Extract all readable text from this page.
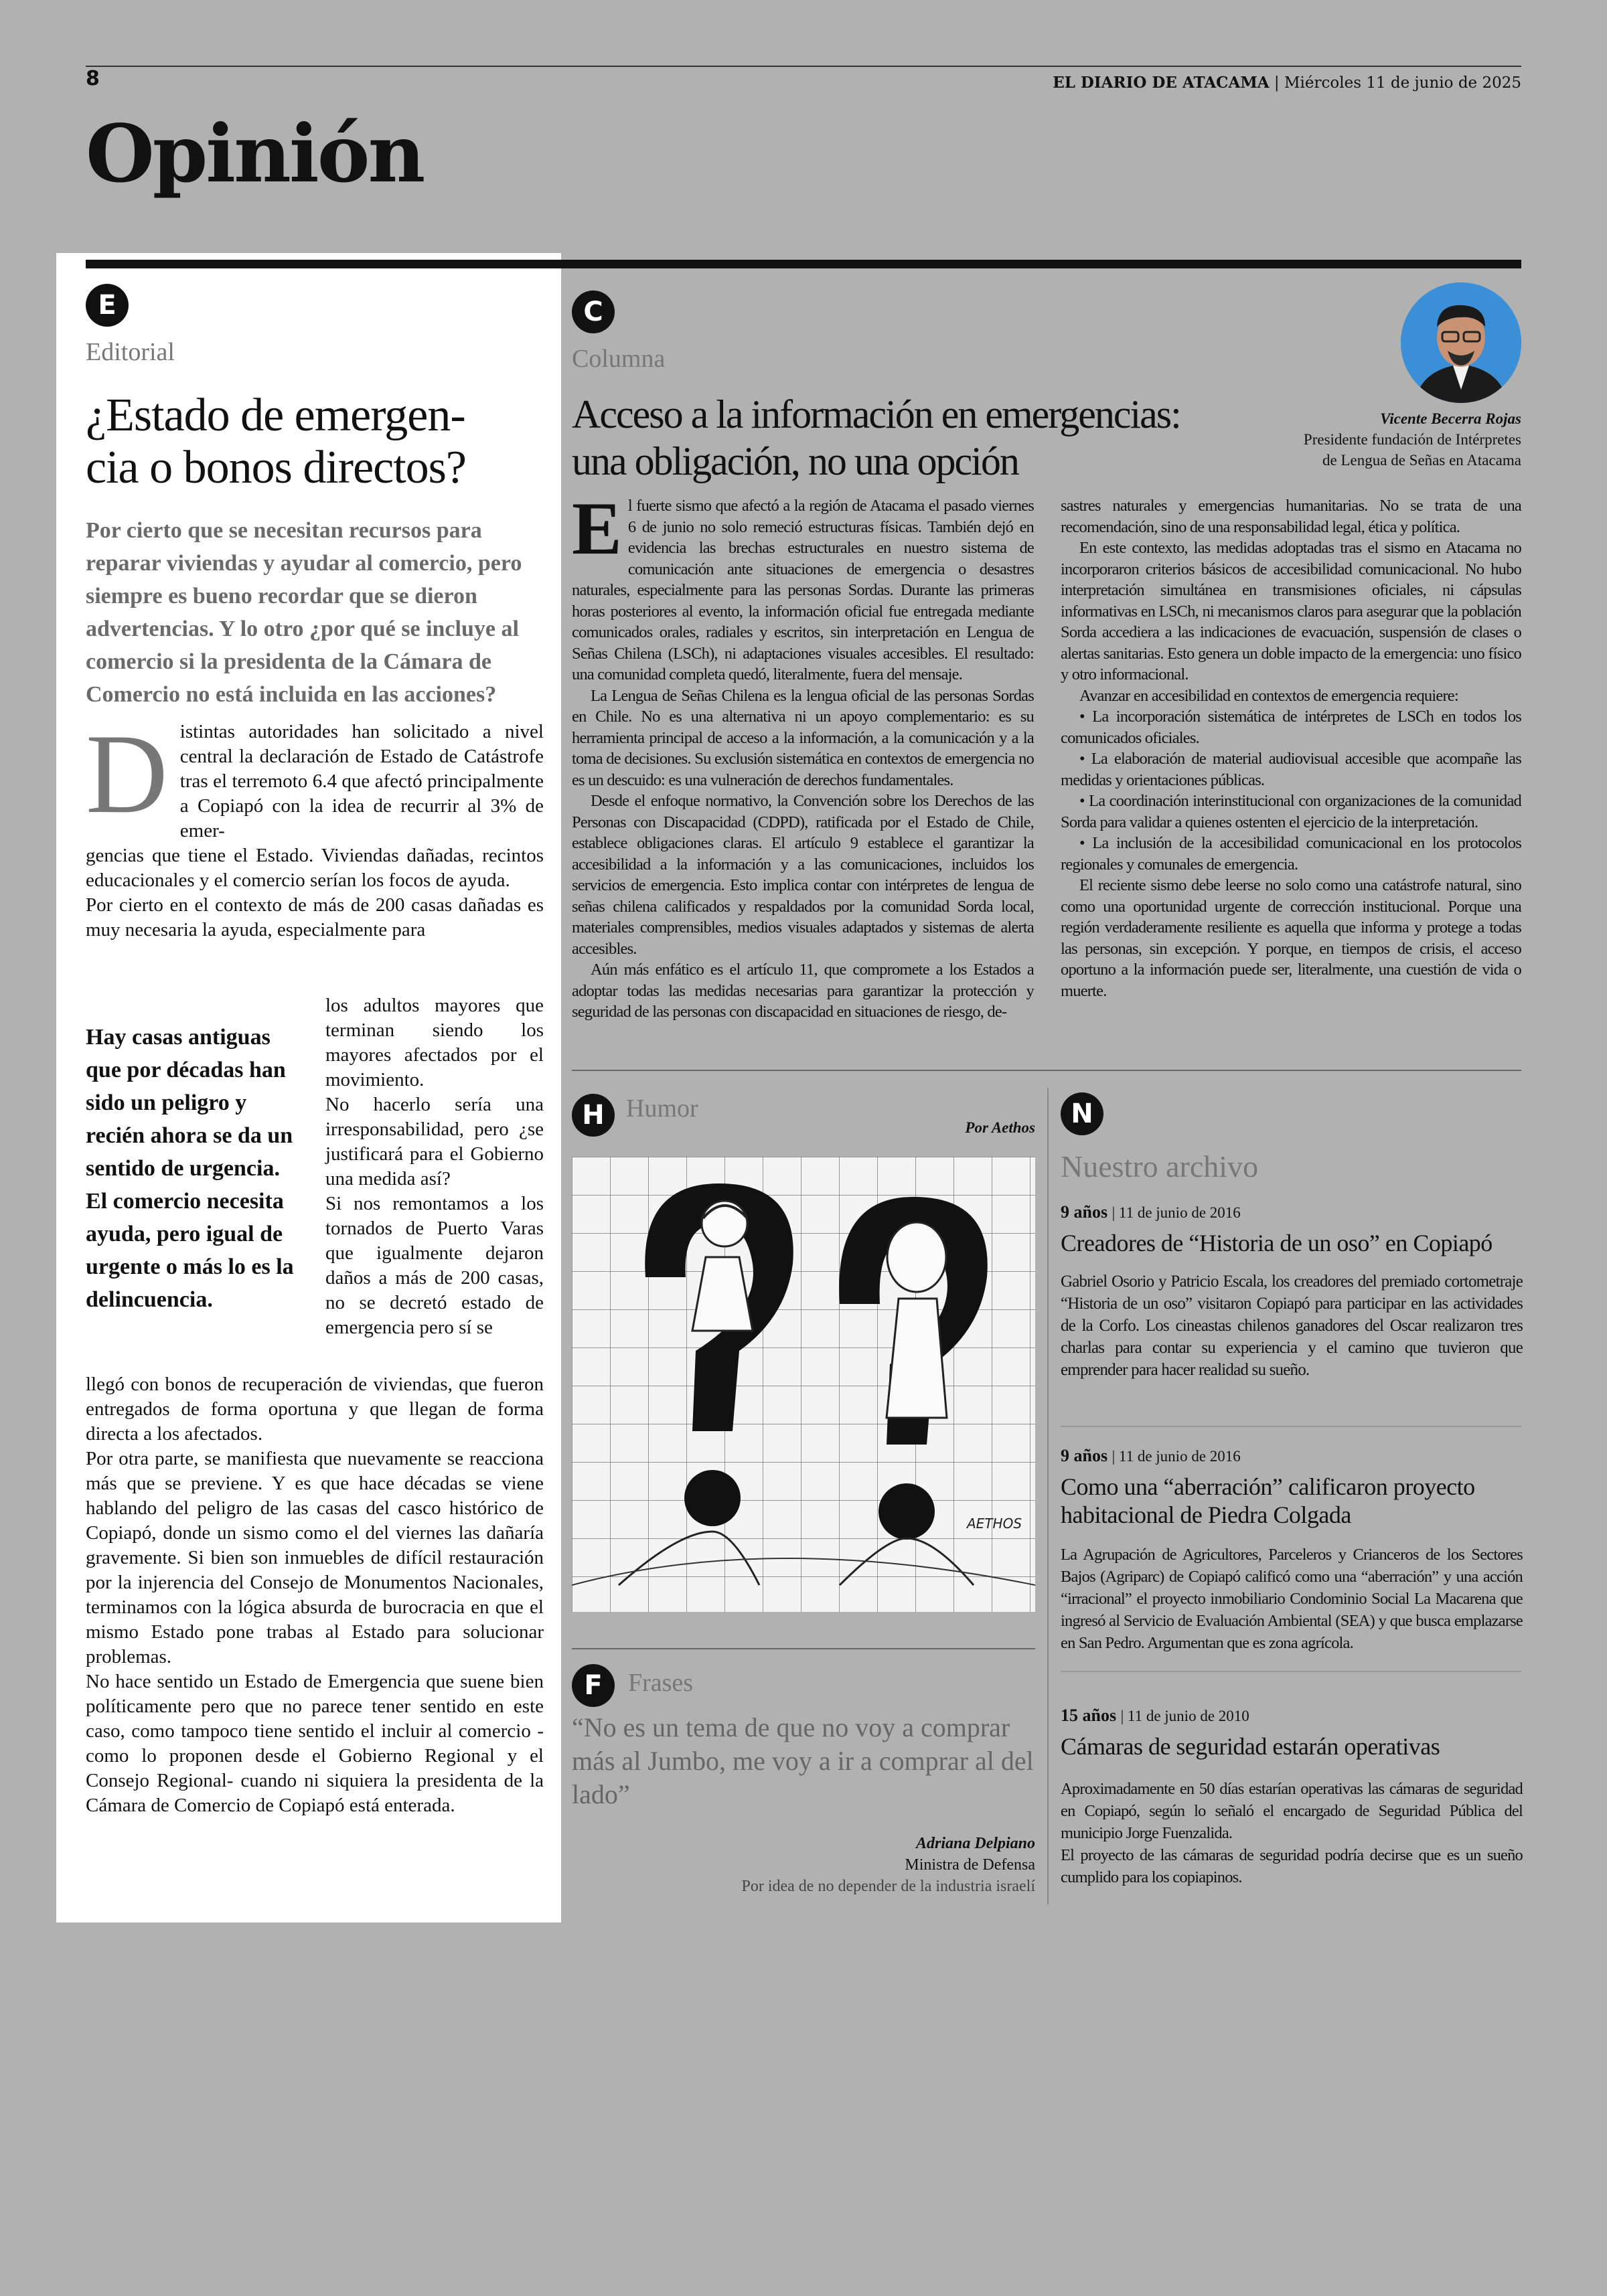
8	EL DIARIO DE ATACAMA | Miércoles 11 de junio de 2025
Opinión
E
Editorial
¿Estado de emergen-
cia o bonos directos?
Por cierto que se necesitan recursos para reparar viviendas y ayudar al comercio, pero siempre es bueno recordar que se dieron advertencias. Y lo otro ¿por qué se incluye al comercio si la presidenta de la Cámara de Comercio no está incluida en las acciones?
D istintas autoridades han solicitado a nivel central la declaración de Estado de Catástrofe tras el terremoto 6.4 que afectó principalmente a Copiapó con la idea de recurrir al 3% de emer-

gencias que tiene el Estado. Viviendas dañadas, recintos educacionales y el comercio serían los focos de ayuda.

Por cierto en el contexto de más de 200 casas dañadas es muy necesaria la ayuda, especialmente para

Hay casas antiguas que por décadas han sido un peligro y recién ahora se da un sentido de urgencia. El comercio necesita ayuda, pero igual de urgente o más lo es la delincuencia.

los adultos mayores que terminan siendo los mayores afectados por el movimiento.

No hacerlo sería una irresponsabilidad, pero ¿se justificará para el Gobierno una medida así?

Si nos remontamos a los tornados de Puerto Varas que igualmente dejaron daños a más de 200 casas, no se decretó estado de emergencia pero sí se

llegó con bonos de recuperación de viviendas, que fueron entregados de forma oportuna y que llegan de forma directa a los afectados.

Por otra parte, se manifiesta que nuevamente se reacciona más que se previene. Y es que hace décadas se viene hablando del peligro de las casas del casco histórico de Copiapó, donde un sismo como el del viernes las dañaría gravemente. Si bien son inmuebles de difícil restauración por la injerencia del Consejo de Monumentos Nacionales, terminamos con la lógica absurda de burocracia en que el mismo Estado pone trabas al Estado para solucionar problemas.

No hace sentido un Estado de Emergencia que suene bien políticamente pero que no parece tener sentido en este caso, como tampoco tiene sentido el incluir al comercio -como lo proponen desde el Gobierno Regional y el Consejo Regional- cuando ni siquiera la presidenta de la Cámara de Comercio de Copiapó está enterada.

C
Columna
Acceso a la información en emergencias:
una obligación, no una opción
Vicente Becerra Rojas
Presidente fundación de Intérpretes
de Lengua de Señas en Atacama
E l fuerte sismo que afectó a la región de Atacama el pasado viernes 6 de junio no solo remeció estructuras físicas. También dejó en evidencia las brechas estructurales en nuestro sistema de comunicación ante situaciones de emergencia o desastres naturales, especialmente para las personas Sordas. Durante las primeras horas posteriores al evento, la información oficial fue entregada mediante comunicados orales, radiales y escritos, sin interpretación en Lengua de Señas Chilena (LSCh), ni adaptaciones visuales accesibles. El resultado: una comunidad completa quedó, literalmente, fuera del mensaje.

La Lengua de Señas Chilena es la lengua oficial de las personas Sordas en Chile. No es una alternativa ni un apoyo complementario: es su herramienta principal de acceso a la información, a la comunicación y a la toma de decisiones. Su exclusión sistemática en contextos de emergencia no es un descuido: es una vulneración de derechos fundamentales.

Desde el enfoque normativo, la Convención sobre los Derechos de las Personas con Discapacidad (CDPD), ratificada por el Estado de Chile, establece obligaciones claras. El artículo 9 establece el garantizar la accesibilidad a la información y a las comunicaciones, incluidos los servicios de emergencia. Esto implica contar con intérpretes de lengua de señas chilena calificados y respaldados por la comunidad Sorda local, materiales comprensibles, medios visuales adaptados y sistemas de alerta accesibles.

Aún más enfático es el artículo 11, que compromete a los Estados a adoptar todas las medidas necesarias para garantizar la protección y seguridad de las personas con discapacidad en situaciones de riesgo, de-

sastres naturales y emergencias humanitarias. No se trata de una recomendación, sino de una responsabilidad legal, ética y política.

En este contexto, las medidas adoptadas tras el sismo en Atacama no incorporaron criterios básicos de accesibilidad comunicacional. No hubo interpretación simultánea en transmisiones oficiales, ni cápsulas informativas en LSCh, ni mecanismos claros para asegurar que la población Sorda accediera a las indicaciones de evacuación, suspensión de clases o alertas sanitarias. Esto genera un doble impacto de la emergencia: uno físico y otro informacional.

Avanzar en accesibilidad en contextos de emergencia requiere:

• La incorporación sistemática de intérpretes de LSCh en todos los comunicados oficiales.

• La elaboración de material audiovisual accesible que acompañe las medidas y orientaciones públicas.

• La coordinación interinstitucional con organizaciones de la comunidad Sorda para validar a quienes ostenten el ejercicio de la interpretación.

• La inclusión de la accesibilidad comunicacional en los protocolos regionales y comunales de emergencia.

El reciente sismo debe leerse no solo como una catástrofe natural, sino como una oportunidad urgente de corrección institucional. Porque una región verdaderamente resiliente es aquella que informa y protege a todas las personas, sin excepción. Y porque, en tiempos de crisis, el acceso oportuno a la información puede ser, literalmente, una cuestión de vida o muerte.

H Humor
Por Aethos
AETHOS
F	Frases
“No es un tema de que no voy a comprar más al Jumbo, me voy a ir a comprar al del lado”
Adriana Delpiano
Ministra de Defensa
Por idea de no depender de la industria israelí
N
Nuestro archivo
9 años | 11 de junio de 2016
Creadores de “Historia de un oso” en Copiapó
Gabriel Osorio y Patricio Escala, los creadores del premiado cortometraje “Historia de un oso” visitaron Copiapó para participar en las actividades de la Corfo. Los cineastas chilenos ganadores del Oscar realizaron tres charlas para contar su experiencia y el camino que tuvieron que emprender para hacer realidad su sueño.
9 años | 11 de junio de 2016
Como una “aberración” calificaron proyecto habitacional de Piedra Colgada
La Agrupación de Agricultores, Parceleros y Crianceros de los Sectores Bajos (Agriparc) de Copiapó calificó como una “aberración” y una acción “irracional” el proyecto inmobiliario Condominio Social La Macarena que ingresó al Servicio de Evaluación Ambiental (SEA) y que busca emplazarse en San Pedro. Argumentan que es zona agrícola.
15 años | 11 de junio de 2010
Cámaras de seguridad estarán operativas
Aproximadamente en 50 días estarían operativas las cámaras de seguridad en Copiapó, según lo señaló el encargado de Seguridad Pública del municipio Jorge Fuenzalida.
El proyecto de las cámaras de seguridad podría decirse que es un sueño cumplido para los copiapinos.
